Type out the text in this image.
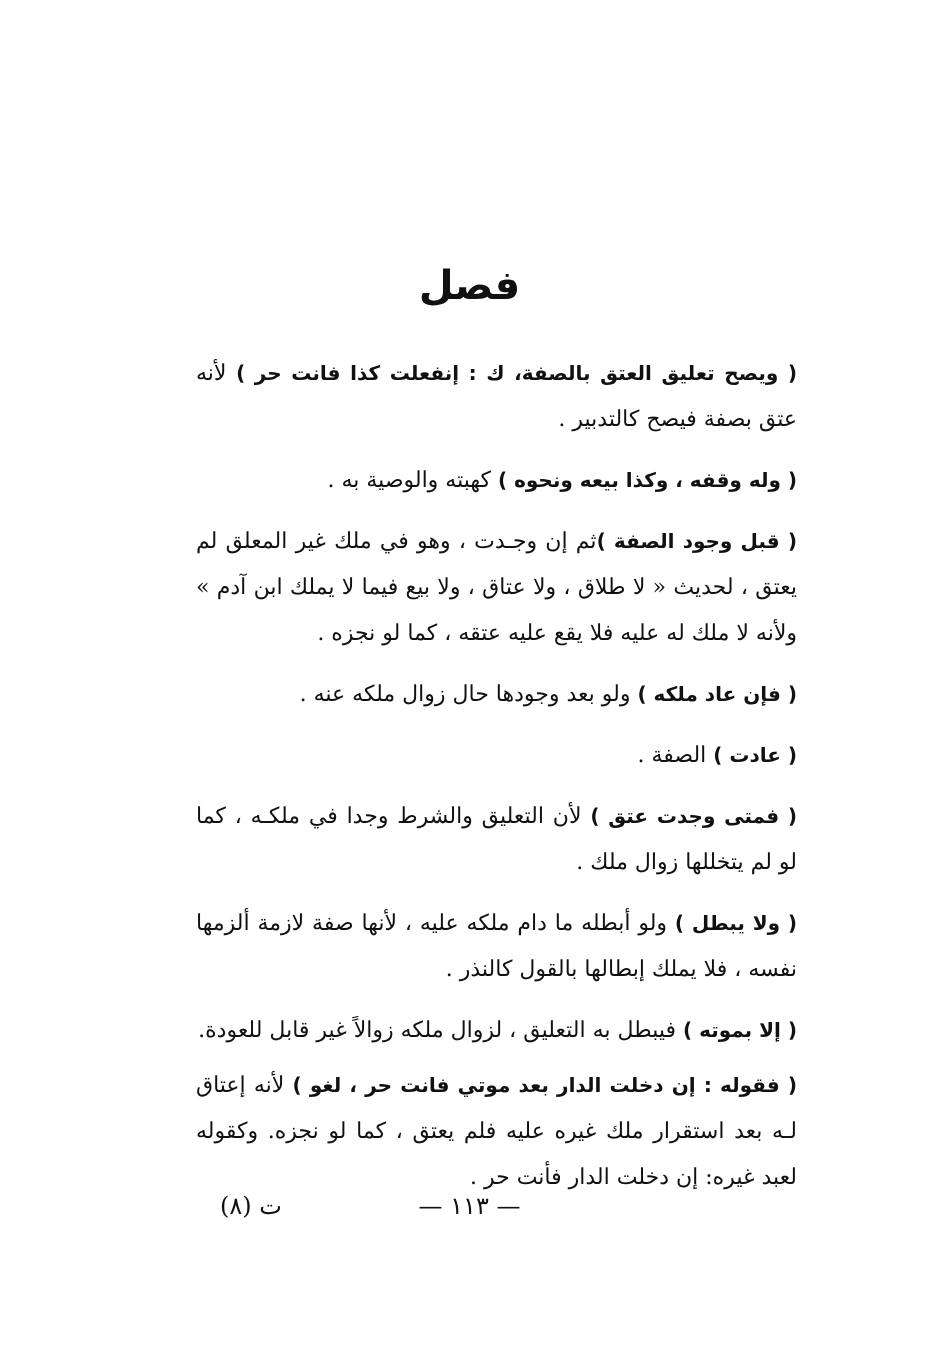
فصل

( ويصح تعليق العتق بالصفة، ك : إنفعلت كذا فانت حر ) لأنه عتق بصفة فيصح كالتدبير .

( وله وقفه ، وكذا بيعه ونحوه ) كهبته والوصية به .

( قبل وجود الصفة )ثم إن وجـدت ، وهو في ملك غير المعلق لم يعتق ، لحديث « لا طلاق ، ولا عتاق ، ولا بيع فيما لا يملك ابن آدم » ولأنه لا ملك له عليه فلا يقع عليه عتقه ، كما لو نجزه .

( فإن عاد ملكه ) ولو بعد وجودها حال زوال ملكه عنه .

( عادت ) الصفة .

( فمتى وجدت عتق ) لأن التعليق والشرط وجدا في ملكـه ، كما لو لم يتخللها زوال ملك .

( ولا يبطل ) ولو أبطله ما دام ملكه عليه ، لأنها صفة لازمة ألزمها نفسه ، فلا يملك إبطالها بالقول كالنذر .

( إلا بموته ) فيبطل به التعليق ، لزوال ملكه زوالاً غير قابل للعودة.

( فقوله : إن دخلت الدار بعد موتي فانت حر ، لغو ) لأنه إعتاق لـه بعد استقرار ملك غيره عليه فلم يعتق ، كما لو نجزه. وكقوله لعبد غيره: إن دخلت الدار فأنت حر .

— ١١٣ —
ت (٨)
